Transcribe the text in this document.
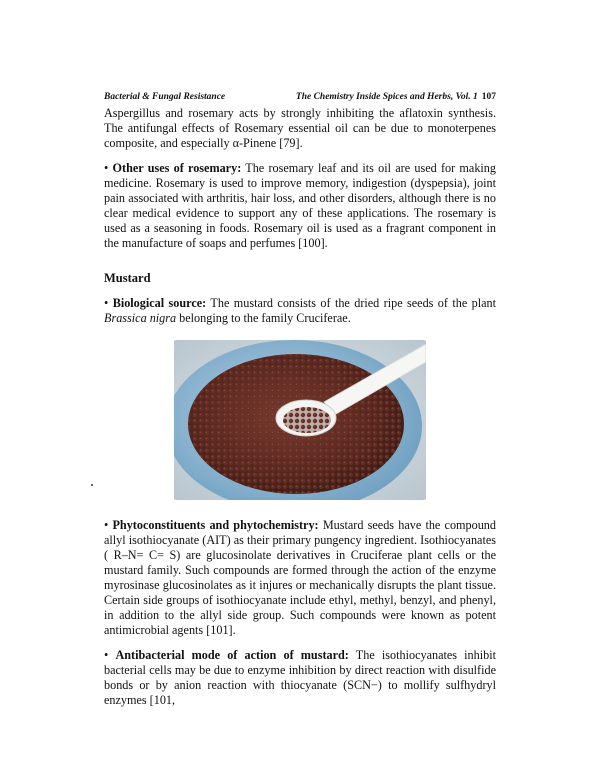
Bacterial & Fungal Resistance	The Chemistry Inside Spices and Herbs, Vol. 1 107

Aspergillus and rosemary acts by strongly inhibiting the aflatoxin synthesis. The antifungal effects of Rosemary essential oil can be due to monoterpenes composite, and especially α-Pinene [79].

• Other uses of rosemary: The rosemary leaf and its oil are used for making medicine. Rosemary is used to improve memory, indigestion (dyspepsia), joint pain associated with arthritis, hair loss, and other disorders, although there is no clear medical evidence to support any of these applications. The rosemary is used as a seasoning in foods. Rosemary oil is used as a fragrant component in the manufacture of soaps and perfumes [100].

Mustard

• Biological source: The mustard consists of the dried ripe seeds of the plant Brassica nigra belonging to the family Cruciferae.

• Phytoconstituents and phytochemistry: Mustard seeds have the compound allyl isothiocyanate (AIT) as their primary pungency ingredient. Isothiocyanates ( R–N= C= S) are glucosinolate derivatives in Cruciferae plant cells or the mustard family. Such compounds are formed through the action of the enzyme myrosinase glucosinolates as it injures or mechanically disrupts the plant tissue. Certain side groups of isothiocyanate include ethyl, methyl, benzyl, and phenyl, in addition to the allyl side group. Such compounds were known as potent antimicrobial agents [101].

• Antibacterial mode of action of mustard: The isothiocyanates inhibit bacterial cells may be due to enzyme inhibition by direct reaction with disulfide bonds or by anion reaction with thiocyanate (SCN−) to mollify sulfhydryl enzymes [101,
